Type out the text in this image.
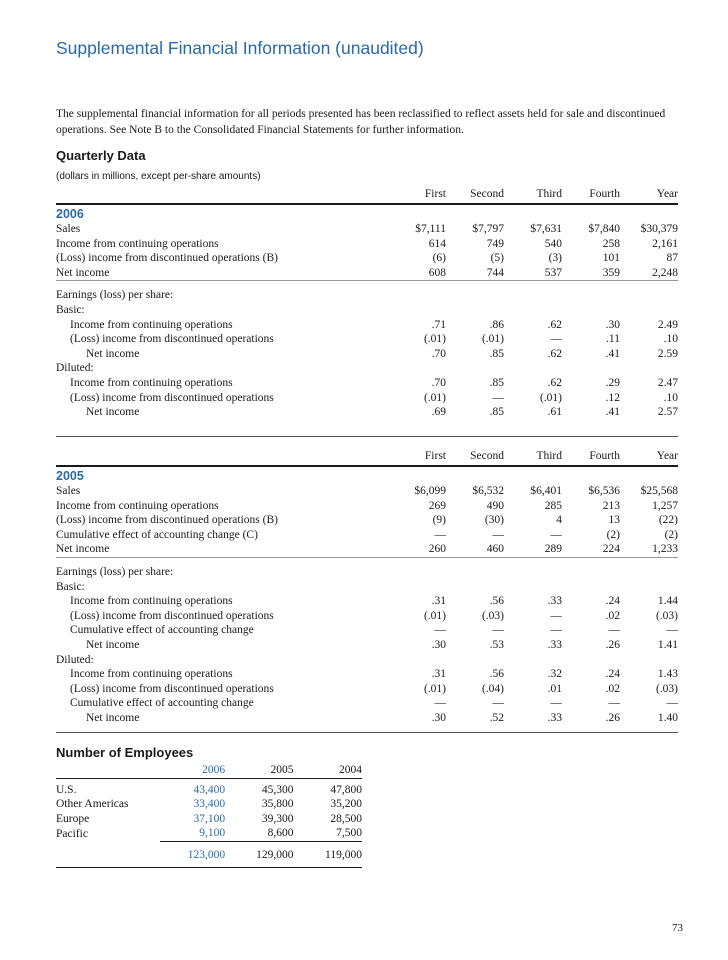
Supplemental Financial Information (unaudited)
The supplemental financial information for all periods presented has been reclassified to reflect assets held for sale and discontinued operations. See Note B to the Consolidated Financial Statements for further information.
Quarterly Data
(dollars in millions, except per-share amounts)
	First	Second	Third	Fourth	Year
2006					
Sales	$7,111	$7,797	$7,631	$7,840	$30,379
Income from continuing operations	614	749	540	258	2,161
(Loss) income from discontinued operations (B)	(6)	(5)	(3)	101	87
Net income	608	744	537	359	2,248

Earnings (loss) per share:					
Basic:					
Income from continuing operations	.71	.86	.62	.30	2.49
(Loss) income from discontinued operations	(.01)	(.01)	—	.11	.10
Net income	.70	.85	.62	.41	2.59
Diluted:					
Income from continuing operations	.70	.85	.62	.29	2.47
(Loss) income from discontinued operations	(.01)	—	(.01)	.12	.10
Net income	.69	.85	.61	.41	2.57
	First	Second	Third	Fourth	Year
2005					
Sales	$6,099	$6,532	$6,401	$6,536	$25,568
Income from continuing operations	269	490	285	213	1,257
(Loss) income from discontinued operations (B)	(9)	(30)	4	13	(22)
Cumulative effect of accounting change (C)	—	—	—	(2)	(2)
Net income	260	460	289	224	1,233

Earnings (loss) per share:					
Basic:					
Income from continuing operations	.31	.56	.33	.24	1.44
(Loss) income from discontinued operations	(.01)	(.03)	—	.02	(.03)
Cumulative effect of accounting change	—	—	—	—	—
Net income	.30	.53	.33	.26	1.41
Diluted:					
Income from continuing operations	.31	.56	.32	.24	1.43
(Loss) income from discontinued operations	(.01)	(.04)	.01	.02	(.03)
Cumulative effect of accounting change	—	—	—	—	—
Net income	.30	.52	.33	.26	1.40
Number of Employees
	2006	2005	2004

U.S.	43,400	45,300	47,800
Other Americas	33,400	35,800	35,200
Europe	37,100	39,300	28,500
Pacific	9,100	8,600	7,500

	123,000	129,000	119,000

73
